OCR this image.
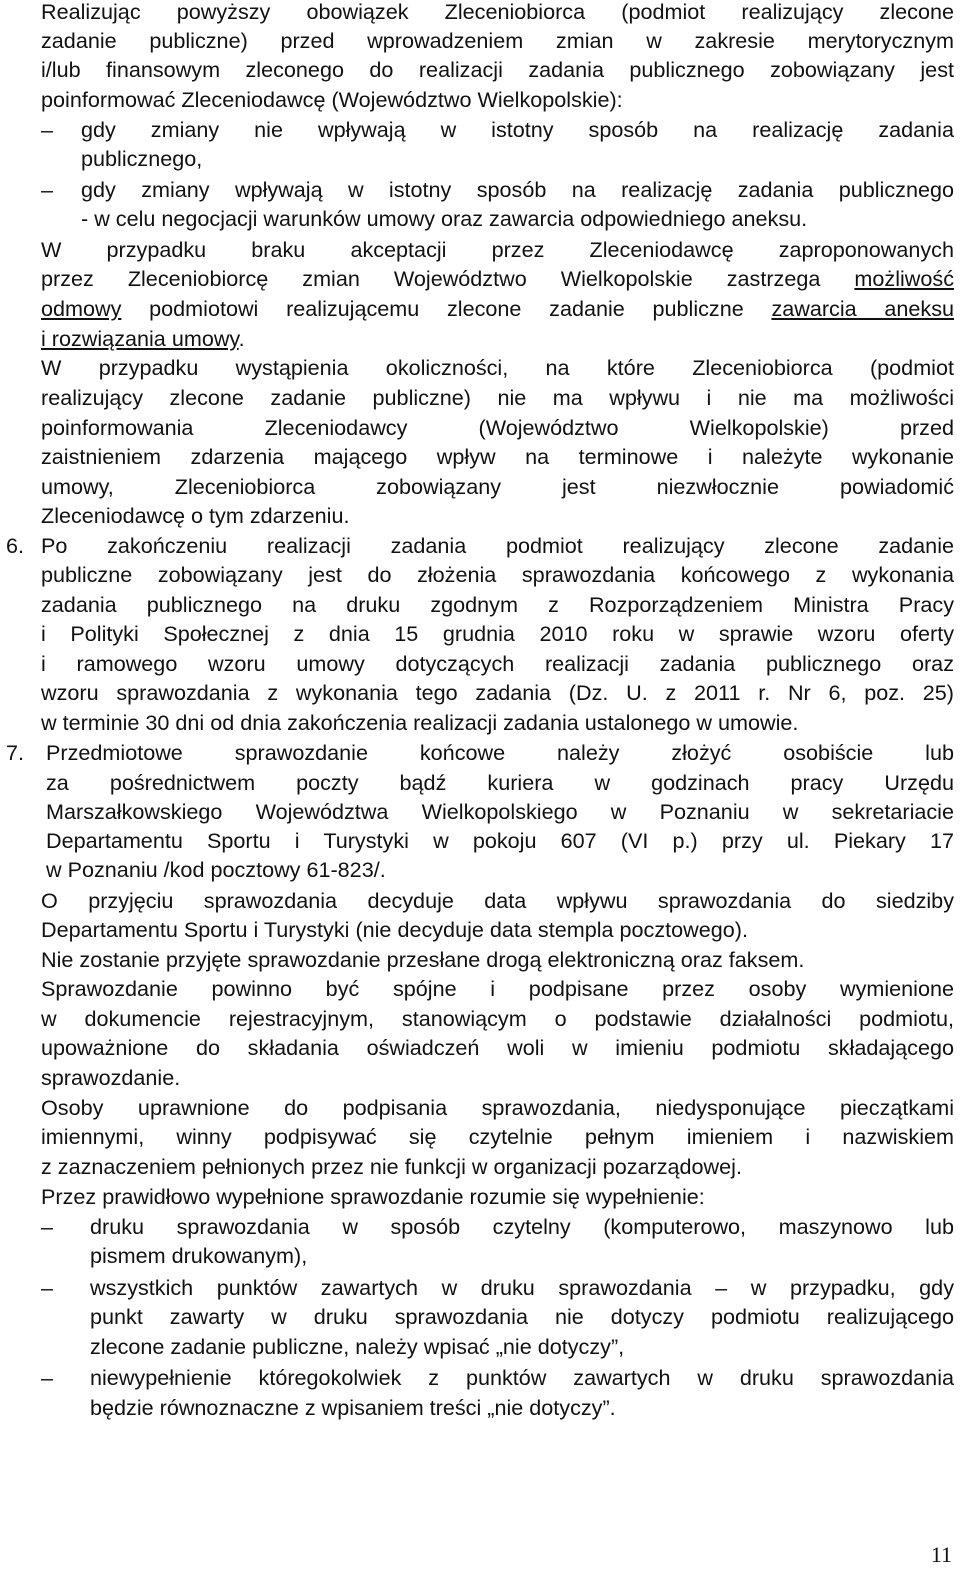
Realizując powyższy obowiązek Zleceniobiorca (podmiot realizujący zlecone
zadanie publiczne) przed wprowadzeniem zmian w zakresie merytorycznym
i/lub finansowym zleconego do realizacji zadania publicznego zobowiązany jest
poinformować Zleceniodawcę (Województwo Wielkopolskie):
–	gdy zmiany nie wpływają w istotny sposób na realizację zadania
publicznego,
–	gdy zmiany wpływają w istotny sposób na realizację zadania publicznego
- w celu negocjacji warunków umowy oraz zawarcia odpowiedniego aneksu.
W przypadku braku akceptacji przez Zleceniodawcę zaproponowanych
przez Zleceniobiorcę zmian Województwo Wielkopolskie zastrzega możliwość
odmowy podmiotowi realizującemu zlecone zadanie publiczne zawarcia aneksu
i rozwiązania umowy.
W przypadku wystąpienia okoliczności, na które Zleceniobiorca (podmiot
realizujący zlecone zadanie publiczne) nie ma wpływu i nie ma możliwości
poinformowania Zleceniodawcy (Województwo Wielkopolskie) przed
zaistnieniem zdarzenia mającego wpływ na terminowe i należyte wykonanie
umowy, Zleceniobiorca zobowiązany jest niezwłocznie powiadomić
Zleceniodawcę o tym zdarzeniu.
6. Po zakończeniu realizacji zadania podmiot realizujący zlecone zadanie
publiczne zobowiązany jest do złożenia sprawozdania końcowego z wykonania
zadania publicznego na druku zgodnym z Rozporządzeniem Ministra Pracy
i Polityki Społecznej z dnia 15 grudnia 2010 roku w sprawie wzoru oferty
i ramowego wzoru umowy dotyczących realizacji zadania publicznego oraz
wzoru sprawozdania z wykonania tego zadania (Dz. U. z 2011 r. Nr 6, poz. 25)
w terminie 30 dni od dnia zakończenia realizacji zadania ustalonego w umowie.
7. Przedmiotowe sprawozdanie końcowe należy złożyć osobiście lub
za pośrednictwem poczty bądź kuriera w godzinach pracy Urzędu
Marszałkowskiego Województwa Wielkopolskiego w Poznaniu w sekretariacie
Departamentu Sportu i Turystyki w pokoju 607 (VI p.) przy ul. Piekary 17
w Poznaniu /kod pocztowy 61-823/.
O przyjęciu sprawozdania decyduje data wpływu sprawozdania do siedziby
Departamentu Sportu i Turystyki (nie decyduje data stempla pocztowego).
Nie zostanie przyjęte sprawozdanie przesłane drogą elektroniczną oraz faksem.
Sprawozdanie powinno być spójne i podpisane przez osoby wymienione
w dokumencie rejestracyjnym, stanowiącym o podstawie działalności podmiotu,
upoważnione do składania oświadczeń woli w imieniu podmiotu składającego
sprawozdanie.
Osoby uprawnione do podpisania sprawozdania, niedysponujące pieczątkami
imiennymi, winny podpisywać się czytelnie pełnym imieniem i nazwiskiem
z zaznaczeniem pełnionych przez nie funkcji w organizacji pozarządowej.
Przez prawidłowo wypełnione sprawozdanie rozumie się wypełnienie:
–	druku sprawozdania w sposób czytelny (komputerowo, maszynowo lub
pismem drukowanym),
–	wszystkich punktów zawartych w druku sprawozdania – w przypadku, gdy
punkt zawarty w druku sprawozdania nie dotyczy podmiotu realizującego
zlecone zadanie publiczne, należy wpisać „nie dotyczy”,
–	niewypełnienie któregokolwiek z punktów zawartych w druku sprawozdania
będzie równoznaczne z wpisaniem treści „nie dotyczy”.
11
